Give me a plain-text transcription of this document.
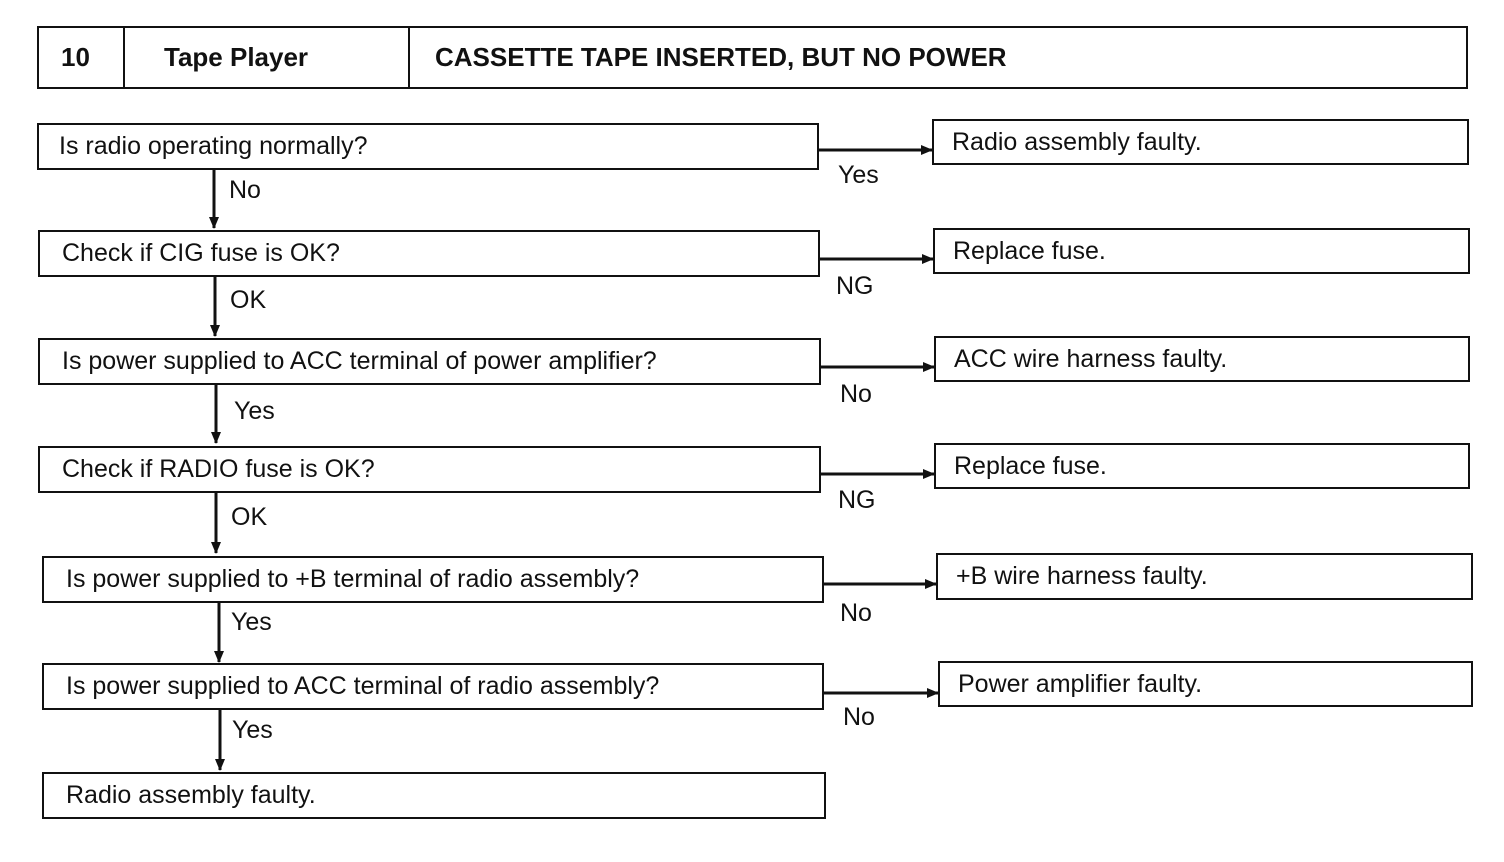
10	Tape Player	CASSETTE TAPE INSERTED, BUT NO POWER
Is radio operating normally?	Radio assembly faulty.
Yes
No
Check if CIG fuse is OK?	Replace fuse.
NG
OK
Is power supplied to ACC terminal of power amplifier?	ACC wire harness faulty.
No
Yes
Check if RADIO fuse is OK?	Replace fuse.
NG
OK
Is power supplied to +B terminal of radio assembly?	+B wire harness faulty.
No
Yes
Is power supplied to ACC terminal of radio assembly?	Power amplifier faulty.
No
Yes
Radio assembly faulty.
